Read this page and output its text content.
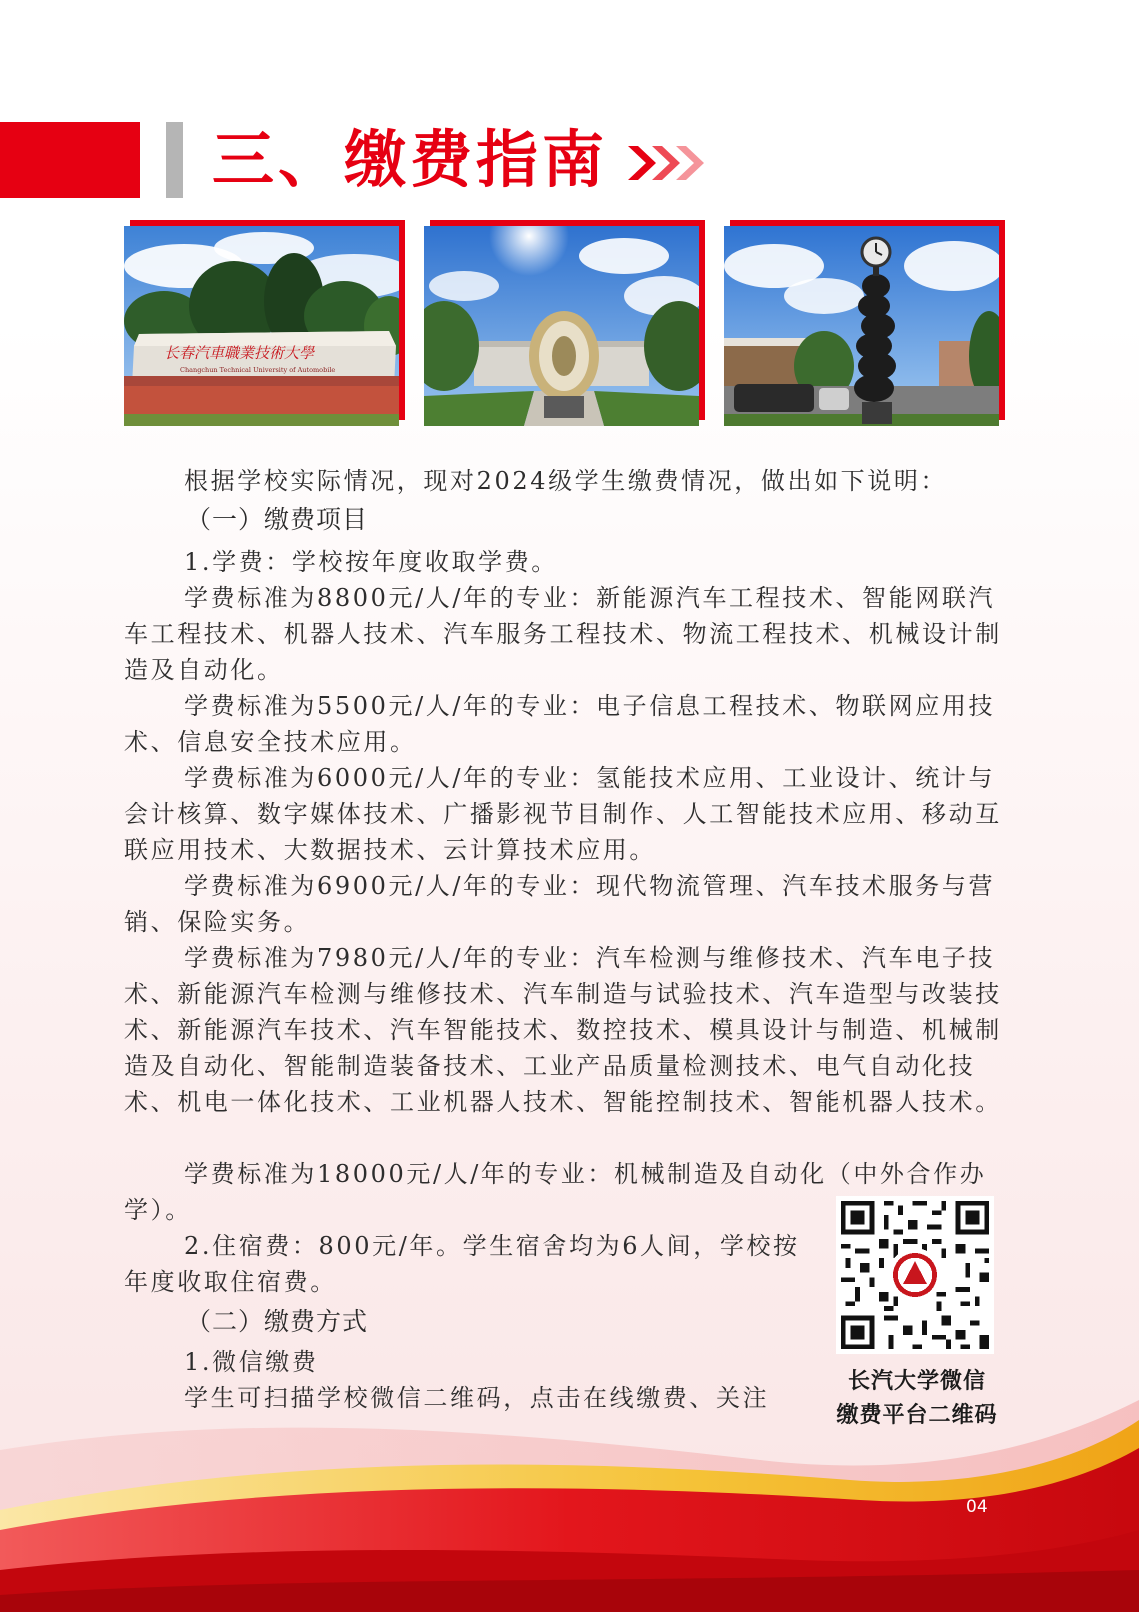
三、缴费指南
长春汽車職業技術大學
Changchun Technical University of Automobile
根据学校实际情况，现对2024级学生缴费情况，做出如下说明：
（一）缴费项目
1.学费：学校按年度收取学费。
学费标准为8800元/人/年的专业：新能源汽车工程技术、智能网联汽车工程技术、机器人技术、汽车服务工程技术、物流工程技术、机械设计制造及自动化。
学费标准为5500元/人/年的专业：电子信息工程技术、物联网应用技术、信息安全技术应用。
学费标准为6000元/人/年的专业：氢能技术应用、工业设计、统计与会计核算、数字媒体技术、广播影视节目制作、人工智能技术应用、移动互联应用技术、大数据技术、云计算技术应用。
学费标准为6900元/人/年的专业：现代物流管理、汽车技术服务与营销、保险实务。
学费标准为7980元/人/年的专业：汽车检测与维修技术、汽车电子技术、新能源汽车检测与维修技术、汽车制造与试验技术、汽车造型与改装技术、新能源汽车技术、汽车智能技术、数控技术、模具设计与制造、机械制造及自动化、智能制造装备技术、工业产品质量检测技术、电气自动化技术、机电一体化技术、工业机器人技术、智能控制技术、智能机器人技术。
学费标准为18000元/人/年的专业：机械制造及自动化（中外合作办学）。
2.住宿费：800元/年。学生宿舍均为6人间，学校按年度收取住宿费。
（二）缴费方式
1.微信缴费
学生可扫描学校微信二维码，点击在线缴费、关注
长汽大学微信
缴费平台二维码
04
